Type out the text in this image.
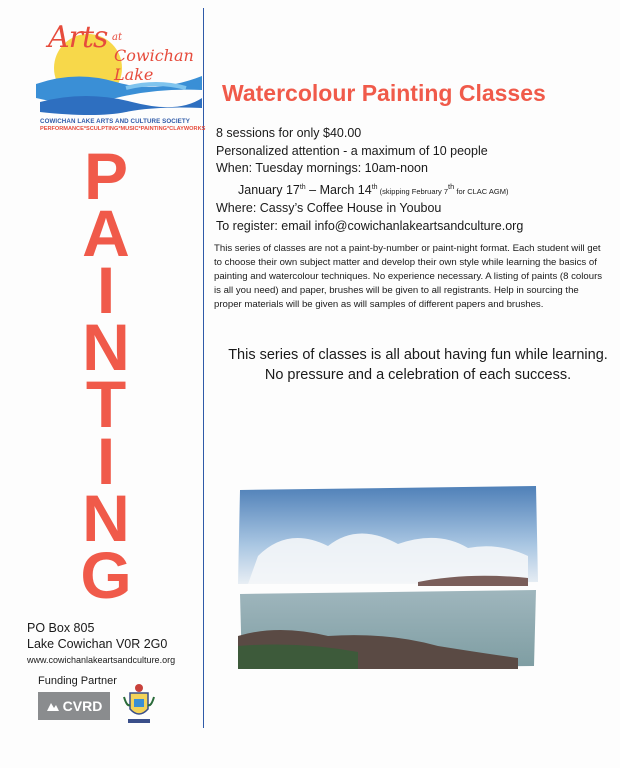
Arts at
Cowichan Lake
COWICHAN LAKE ARTS AND CULTURE SOCIETY
PERFORMANCE*SCULPTING*MUSIC*PAINTING*CLAYWORKS
P
A
I
N
T
I
N
G
PO Box 805
Lake Cowichan V0R 2G0
www.cowichanlakeartsandculture.org
Funding Partner
CVRD
Watercolour Painting Classes
8 sessions for only $40.00
Personalized attention - a maximum of 10 people
When: Tuesday mornings: 10am-noon
January 17th – March 14th (skipping February 7th for CLAC AGM)
Where: Cassy’s Coffee House in Youbou
To register: email info@cowichanlakeartsandculture.org
This series of classes are not a paint-by-number or paint-night format. Each student will get to choose their own subject matter and develop their own style while learning the basics of painting and watercolour techniques. No experience necessary. A listing of paints (8 colours is all you need) and paper, brushes will be given to all registrants. Help in sourcing the proper materials will be given as will samples of different papers and brushes.
This series of classes is all about having fun while learning. No pressure and a celebration of each success.
